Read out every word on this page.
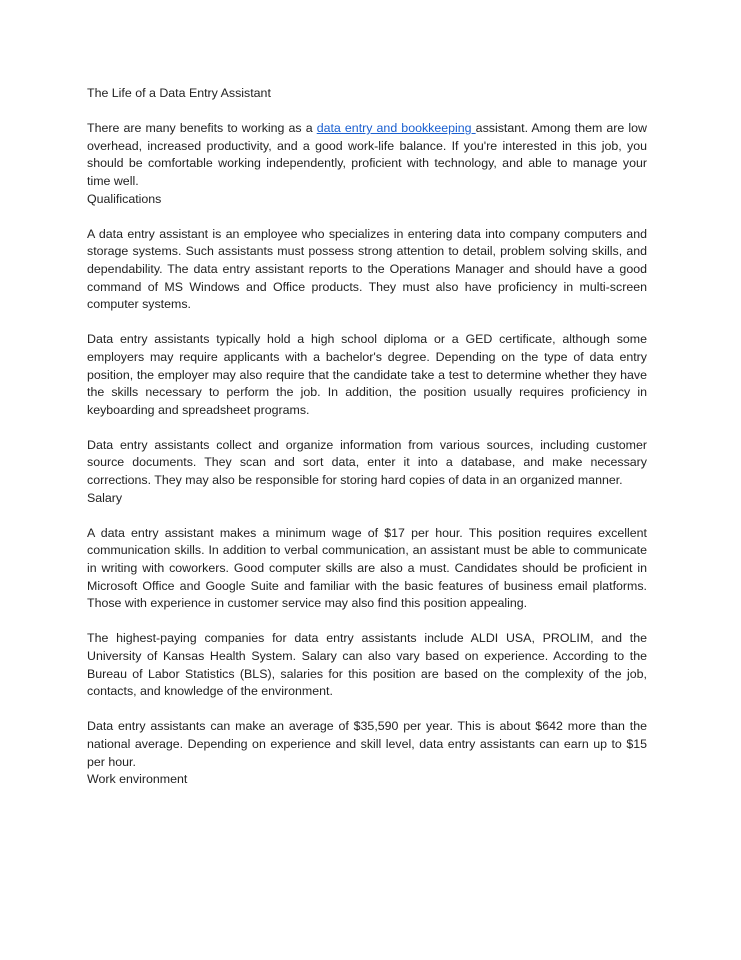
The Life of a Data Entry Assistant

There are many benefits to working as a data entry and bookkeeping assistant. Among them are low overhead, increased productivity, and a good work-life balance. If you're interested in this job, you should be comfortable working independently, proficient with technology, and able to manage your time well.

Qualifications

A data entry assistant is an employee who specializes in entering data into company computers and storage systems. Such assistants must possess strong attention to detail, problem solving skills, and dependability. The data entry assistant reports to the Operations Manager and should have a good command of MS Windows and Office products. They must also have proficiency in multi-screen computer systems.

Data entry assistants typically hold a high school diploma or a GED certificate, although some employers may require applicants with a bachelor's degree. Depending on the type of data entry position, the employer may also require that the candidate take a test to determine whether they have the skills necessary to perform the job. In addition, the position usually requires proficiency in keyboarding and spreadsheet programs.

Data entry assistants collect and organize information from various sources, including customer source documents. They scan and sort data, enter it into a database, and make necessary corrections. They may also be responsible for storing hard copies of data in an organized manner.

Salary

A data entry assistant makes a minimum wage of $17 per hour. This position requires excellent communication skills. In addition to verbal communication, an assistant must be able to communicate in writing with coworkers. Good computer skills are also a must. Candidates should be proficient in Microsoft Office and Google Suite and familiar with the basic features of business email platforms. Those with experience in customer service may also find this position appealing.

The highest-paying companies for data entry assistants include ALDI USA, PROLIM, and the University of Kansas Health System. Salary can also vary based on experience. According to the Bureau of Labor Statistics (BLS), salaries for this position are based on the complexity of the job, contacts, and knowledge of the environment.

Data entry assistants can make an average of $35,590 per year. This is about $642 more than the national average. Depending on experience and skill level, data entry assistants can earn up to $15 per hour.

Work environment
